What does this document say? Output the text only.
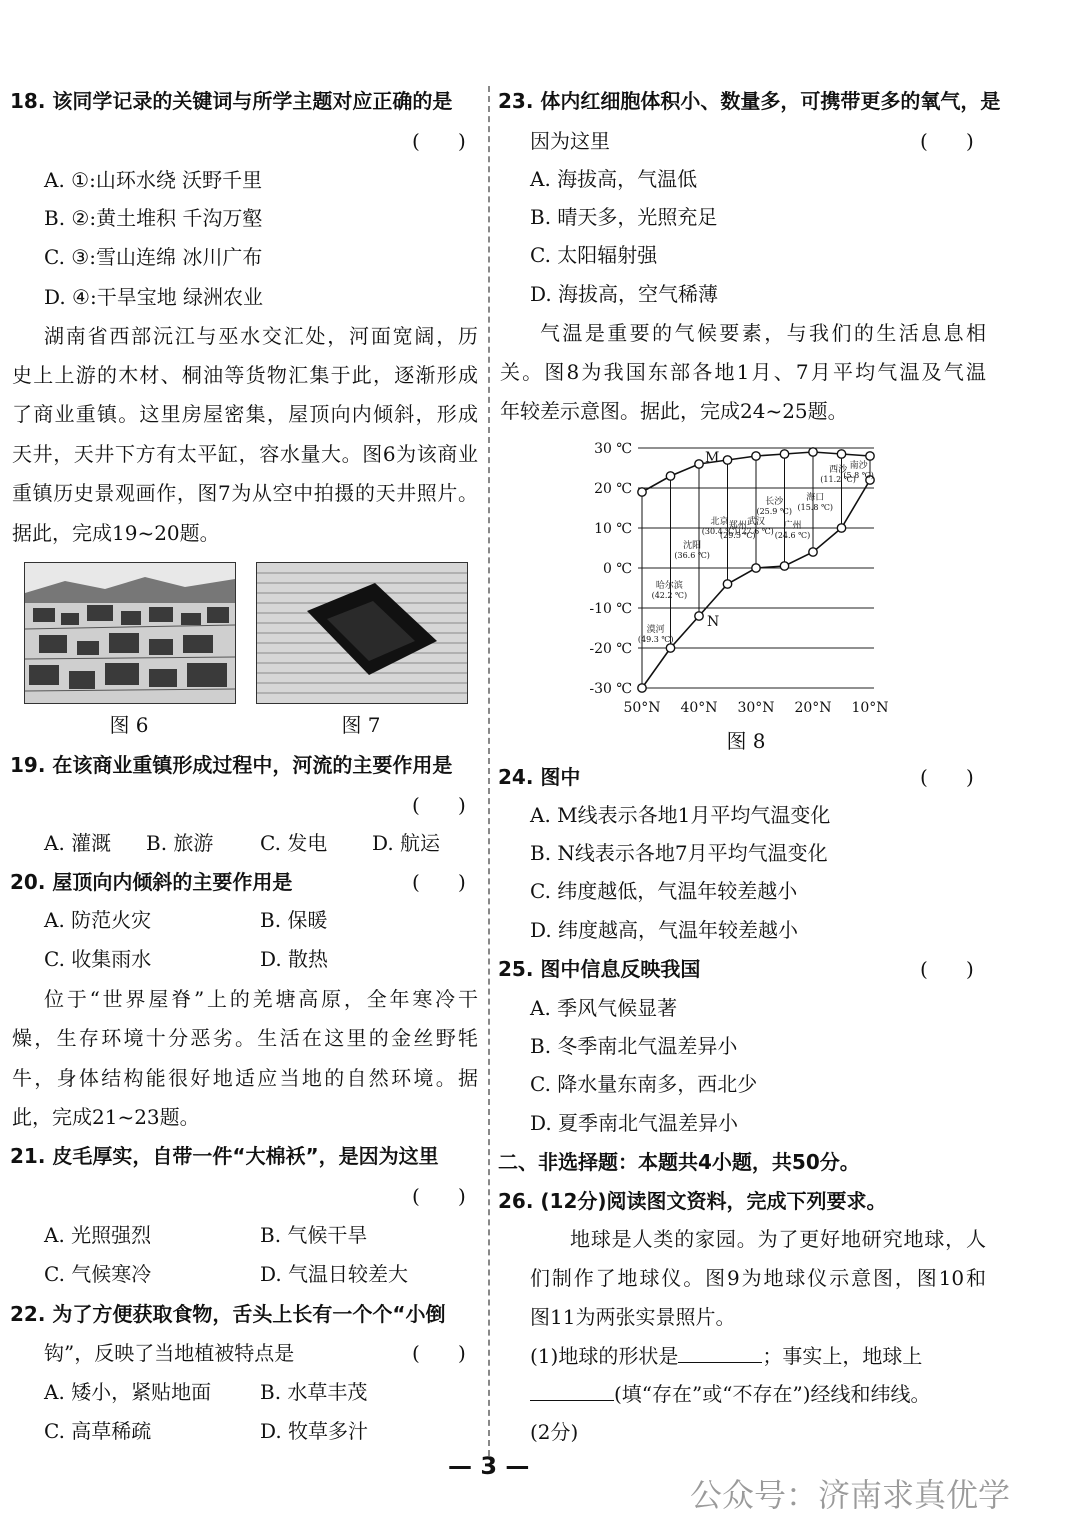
18. 该同学记录的关键词与所学主题对应正确的是
(      )
A. ①:山环水绕 沃野千里
B. ②:黄土堆积 千沟万壑
C. ③:雪山连绵 冰川广布
D. ④:干旱宝地 绿洲农业
湖南省西部沅江与巫水交汇处，河面宽阔，历
史上上游的木材、桐油等货物汇集于此，逐渐形成
了商业重镇。这里房屋密集，屋顶向内倾斜，形成
天井，天井下方有太平缸，容水量大。图6为该商业
重镇历史景观画作，图7为从空中拍摄的天井照片。
据此，完成19~20题。
图 6	图 7
19. 在该商业重镇形成过程中，河流的主要作用是
(      )
A. 灌溉 B. 旅游 C. 发电 D. 航运
20. 屋顶向内倾斜的主要作用是	(      )
A. 防范火灾	B. 保暖
C. 收集雨水	D. 散热
位于“世界屋脊”上的羌塘高原，全年寒冷干
燥，生存环境十分恶劣。生活在这里的金丝野牦
牛，身体结构能很好地适应当地的自然环境。据
此，完成21~23题。
21. 皮毛厚实，自带一件“大棉袄”，是因为这里
(      )
A. 光照强烈	B. 气候干旱
C. 气候寒冷	D. 气温日较差大
22. 为了方便获取食物，舌头上长有一个个“小倒
钩”，反映了当地植被特点是	(      )
A. 矮小，紧贴地面 B. 水草丰茂
C. 高草稀疏	D. 牧草多汁
23. 体内红细胞体积小、数量多，可携带更多的氧气，是
因为这里	(      )
A. 海拔高，气温低
B. 晴天多，光照充足
C. 太阳辐射强
D. 海拔高，空气稀薄
气温是重要的气候要素，与我们的生活息息相
关。图8为我国东部各地1月、7月平均气温及气温
年较差示意图。据此，完成24~25题。
30 ℃
20 ℃
10 ℃
0 ℃
-10 ℃
-20 ℃
-30 ℃
50°N 40°N 30°N 20°N 10°N
M
N
漠河
(49.3 ℃)
哈尔滨
(42.2 ℃)
沈阳
(36.6 ℃)
北京
(30.4 ℃)
郑州
(29.5 ℃)
武汉
(27.6 ℃)
长沙
(25.9 ℃)
广州
(24.6 ℃)
海口
(15.8 ℃)
西沙
(11.2 ℃)
南沙
(5.8 ℃)
图 8
24. 图中	(      )
A. M线表示各地1月平均气温变化
B. N线表示各地7月平均气温变化
C. 纬度越低，气温年较差越小
D. 纬度越高，气温年较差越小
25. 图中信息反映我国	(      )
A. 季风气候显著
B. 冬季南北气温差异小
C. 降水量东南多，西北少
D. 夏季南北气温差异小
二、非选择题：本题共4小题，共50分。
26. (12分)阅读图文资料，完成下列要求。
地球是人类的家园。为了更好地研究地球，人
们制作了地球仪。图9为地球仪示意图，图10和
图11为两张实景照片。
(1)地球的形状是	；事实上，地球上
(填“存在”或“不存在”)经线和纬线。
(2分)
— 3 —
公众号：济南求真优学
